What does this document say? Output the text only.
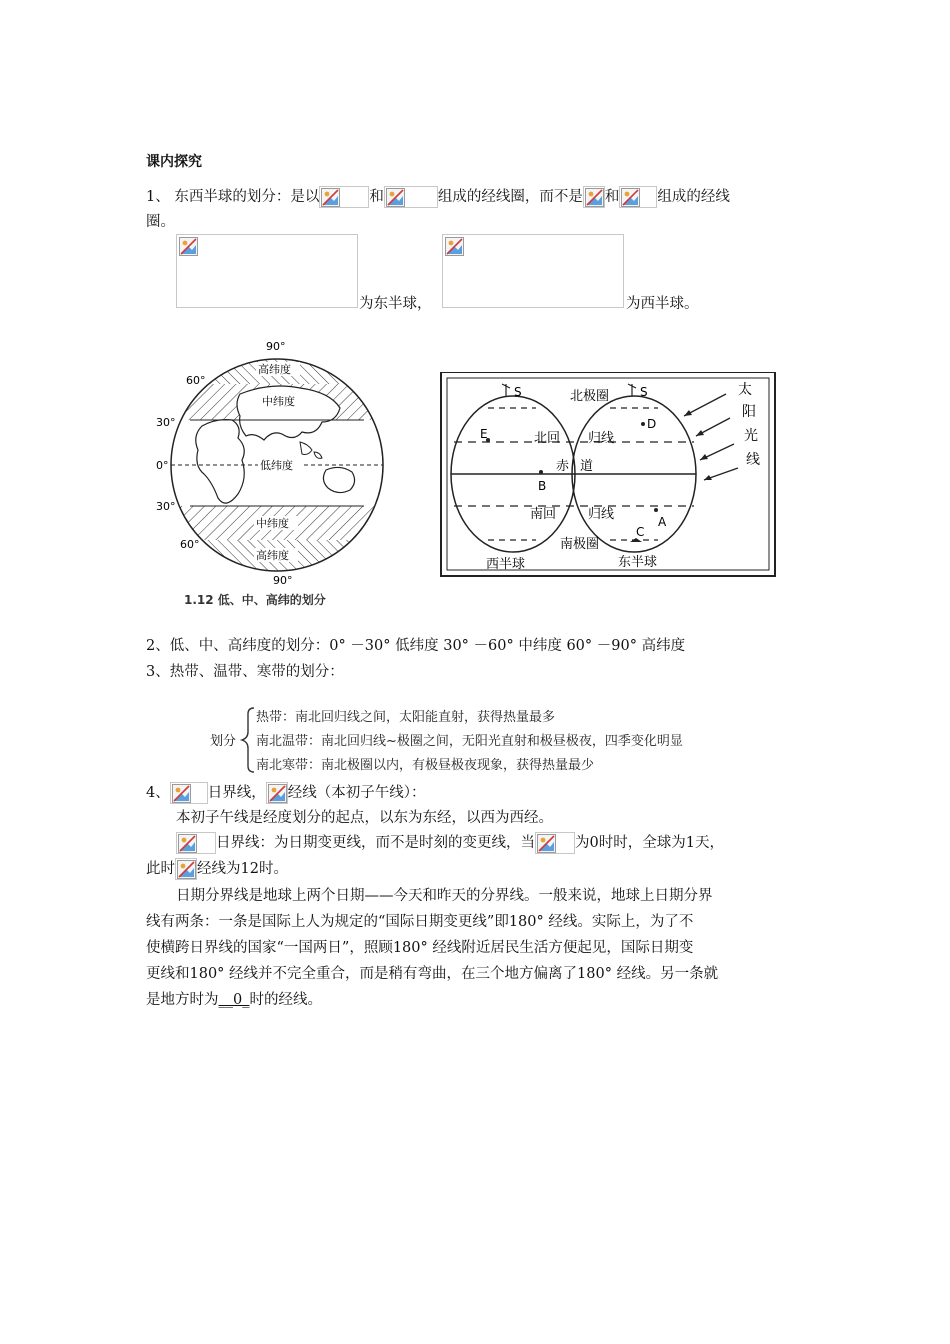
课内探究
1、 东西半球的划分：是以	和	组成的经线圈，而不是 和	组成的经线
圈。
为东半球，	为西半球。
90°
60°
30°
0°
30°
60°
90°
高纬度
中纬度
低纬度
中纬度
高纬度
1.12 低、中、高纬的划分
S	S
北极圈
北回 归线
赤 道
南回 归线
南极圈
西半球	东半球
E
B
D
A
C
太
阳
光
线
2、低、中、高纬度的划分：0° －30° 低纬度 30° －60° 中纬度 60° －90° 高纬度
3、热带、温带、寒带的划分：
划分
热带：南北回归线之间，太阳能直射，获得热量最多
南北温带：南北回归线~极圈之间，无阳光直射和极昼极夜，四季变化明显
南北寒带：南北极圈以内，有极昼极夜现象，获得热量最少
4、	日界线， 经线（本初子午线）：
本初子午线是经度划分的起点，以东为东经，以西为西经。
日界线：为日期变更线，而不是时刻的变更线，当	为0时时，全球为1天，
此时 经线为12时。
日期分界线是地球上两个日期——今天和昨天的分界线。一般来说，地球上日期分界
线有两条：一条是国际上人为规定的“国际日期变更线”即180° 经线。实际上，为了不
使横跨日界线的国家“一国两日”，照顾180° 经线附近居民生活方便起见，国际日期变
更线和180° 经线并不完全重合，而是稍有弯曲，在三个地方偏离了180° 经线。另一条就
是地方时为__0_时的经线。
